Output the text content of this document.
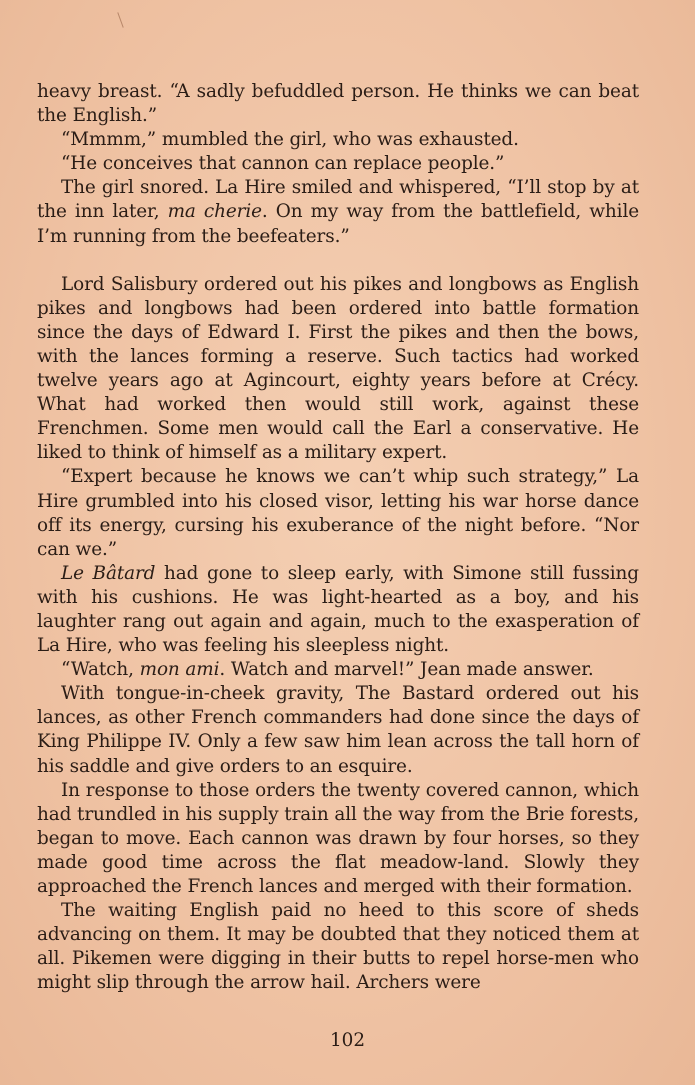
heavy breast. “A sadly befuddled person. He thinks we can beat the English.”

“Mmmm,” mumbled the girl, who was exhausted.

“He conceives that cannon can replace people.”

The girl snored. La Hire smiled and whispered, “I’ll stop by at the inn later, ma cherie. On my way from the battlefield, while I’m running from the beefeaters.”

Lord Salisbury ordered out his pikes and longbows as English pikes and longbows had been ordered into battle formation since the days of Edward I. First the pikes and then the bows, with the lances forming a reserve. Such tactics had worked twelve years ago at Agincourt, eighty years before at Crécy. What had worked then would still work, against these Frenchmen. Some men would call the Earl a conservative. He liked to think of himself as a military expert.

“Expert because he knows we can’t whip such strategy,” La Hire grumbled into his closed visor, letting his war horse dance off its energy, cursing his exuberance of the night before. “Nor can we.”

Le Bâtard had gone to sleep early, with Simone still fussing with his cushions. He was light-hearted as a boy, and his laughter rang out again and again, much to the exasperation of La Hire, who was feeling his sleepless night.

“Watch, mon ami. Watch and marvel!” Jean made answer.

With tongue-in-cheek gravity, The Bastard ordered out his lances, as other French commanders had done since the days of King Philippe IV. Only a few saw him lean across the tall horn of his saddle and give orders to an esquire.

In response to those orders the twenty covered cannon, which had trundled in his supply train all the way from the Brie forests, began to move. Each cannon was drawn by four horses, so they made good time across the flat meadow-land. Slowly they approached the French lances and merged with their formation.

The waiting English paid no heed to this score of sheds advancing on them. It may be doubted that they noticed them at all. Pikemen were digging in their butts to repel horse-men who might slip through the arrow hail. Archers were

102
